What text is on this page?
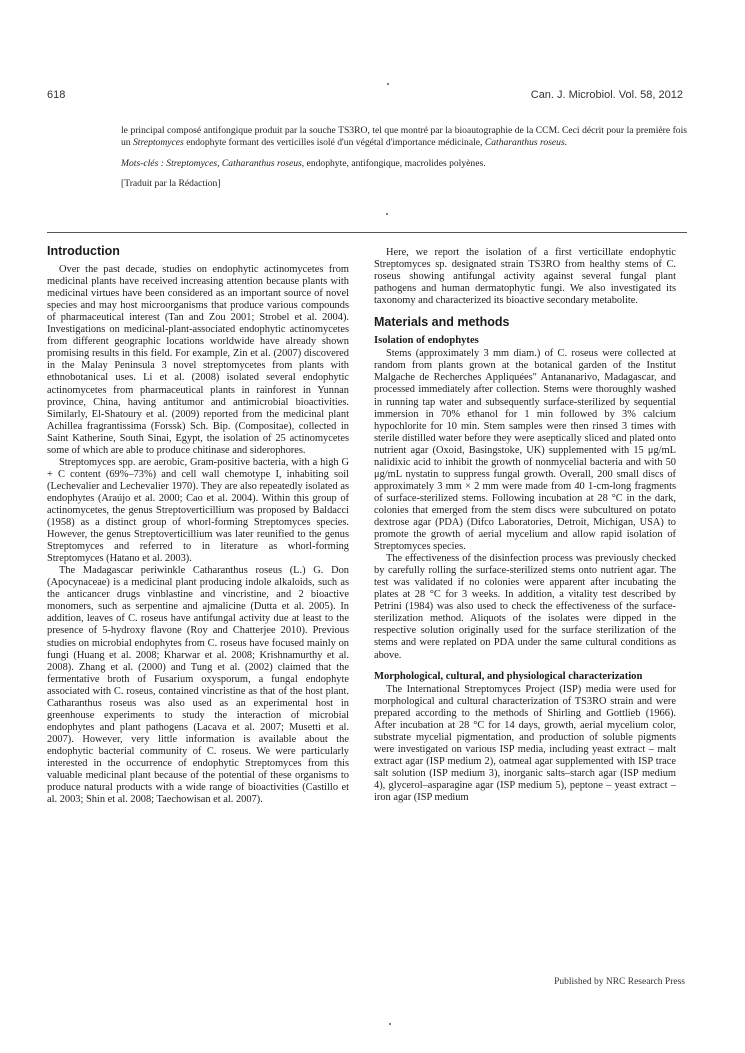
618	Can. J. Microbiol. Vol. 58, 2012

le principal composé antifongique produit par la souche TS3RO, tel que montré par la bioautographie de la CCM. Ceci décrit pour la première fois un Streptomyces endophyte formant des verticilles isolé d'un végétal d'importance médicinale, Catharanthus roseus.

Mots-clés : Streptomyces, Catharanthus roseus, endophyte, antifongique, macrolides polyènes.

[Traduit par la Rédaction]

Introduction

Over the past decade, studies on endophytic actinomycetes from medicinal plants have received increasing attention because plants with medicinal virtues have been considered as an important source of novel species and may host microorganisms that produce various compounds of pharmaceutical interest (Tan and Zou 2001; Strobel et al. 2004). Investigations on medicinal-plant-associated endophytic actinomycetes from different geographic locations worldwide have already shown promising results in this field. For example, Zin et al. (2007) discovered in the Malay Peninsula 3 novel streptomycetes from plants with ethnobotanical uses. Li et al. (2008) isolated several endophytic actinomycetes from pharmaceutical plants in rainforest in Yunnan province, China, having antitumor and antimicrobial bioactivities. Similarly, El-Shatoury et al. (2009) reported from the medicinal plant Achillea fragrantissima (Forssk) Sch. Bip. (Compositae), collected in Saint Katherine, South Sinai, Egypt, the isolation of 25 actinomycetes some of which are able to produce chitinase and siderophores.

Streptomyces spp. are aerobic, Gram-positive bacteria, with a high G + C content (69%–73%) and cell wall chemotype I, inhabiting soil (Lechevalier and Lechevalier 1970). They are also repeatedly isolated as endophytes (Araújo et al. 2000; Cao et al. 2004). Within this group of actinomycetes, the genus Streptoverticillium was proposed by Baldacci (1958) as a distinct group of whorl-forming Streptomyces species. However, the genus Streptoverticillium was later reunified to the genus Streptomyces and referred to in literature as whorl-forming Streptomyces (Hatano et al. 2003).

The Madagascar periwinkle Catharanthus roseus (L.) G. Don (Apocynaceae) is a medicinal plant producing indole alkaloids, such as the anticancer drugs vinblastine and vincristine, and 2 bioactive monomers, such as serpentine and ajmalicine (Dutta et al. 2005). In addition, leaves of C. roseus have antifungal activity due at least to the presence of 5-hydroxy flavone (Roy and Chatterjee 2010). Previous studies on microbial endophytes from C. roseus have focused mainly on fungi (Huang et al. 2008; Kharwar et al. 2008; Krishnamurthy et al. 2008). Zhang et al. (2000) and Tung et al. (2002) claimed that the fermentative broth of Fusarium oxysporum, a fungal endophyte associated with C. roseus, contained vincristine as that of the host plant. Catharanthus roseus was also used as an experimental host in greenhouse experiments to study the interaction of microbial endophytes and plant pathogens (Lacava et al. 2007; Musetti et al. 2007). However, very little information is available about the endophytic bacterial community of C. roseus. We were particularly interested in the occurrence of endophytic Streptomyces from this valuable medicinal plant because of the potential of these organisms to produce natural products with a wide range of bioactivities (Castillo et al. 2003; Shin et al. 2008; Taechowisan et al. 2007).

Here, we report the isolation of a first verticillate endophytic Streptomyces sp. designated strain TS3RO from healthy stems of C. roseus showing antifungal activity against several fungal plant pathogens and human dermatophytic fungi. We also investigated its taxonomy and characterized its bioactive secondary metabolite.

Materials and methods
Isolation of endophytes

Stems (approximately 3 mm diam.) of C. roseus were collected at random from plants grown at the botanical garden of the Institut Malgache de Recherches Appliquées" Antananarivo, Madagascar, and processed immediately after collection. Stems were thoroughly washed in running tap water and subsequently surface-sterilized by sequential immersion in 70% ethanol for 1 min followed by 3% calcium hypochlorite for 10 min. Stem samples were then rinsed 3 times with sterile distilled water before they were aseptically sliced and plated onto nutrient agar (Oxoid, Basingstoke, UK) supplemented with 15 μg/mL nalidixic acid to inhibit the growth of nonmycelial bacteria and with 50 μg/mL nystatin to suppress fungal growth. Overall, 200 small discs of approximately 3 mm × 2 mm were made from 40 1-cm-long fragments of surface-sterilized stems. Following incubation at 28 °C in the dark, colonies that emerged from the stem discs were subcultured on potato dextrose agar (PDA) (Difco Laboratories, Detroit, Michigan, USA) to promote the growth of aerial mycelium and allow rapid isolation of Streptomyces species.

The effectiveness of the disinfection process was previously checked by carefully rolling the surface-sterilized stems onto nutrient agar. The test was validated if no colonies were apparent after incubating the plates at 28 °C for 3 weeks. In addition, a vitality test described by Petrini (1984) was also used to check the effectiveness of the surface-sterilization method. Aliquots of the isolates were dipped in the respective solution originally used for the surface sterilization of the stems and were replated on PDA under the same cultural conditions as above.

Morphological, cultural, and physiological characterization

The International Streptomyces Project (ISP) media were used for morphological and cultural characterization of TS3RO strain and were prepared according to the methods of Shirling and Gottlieb (1966). After incubation at 28 °C for 14 days, growth, aerial mycelium color, substrate mycelial pigmentation, and production of soluble pigments were investigated on various ISP media, including yeast extract – malt extract agar (ISP medium 2), oatmeal agar supplemented with ISP trace salt solution (ISP medium 3), inorganic salts–starch agar (ISP medium 4), glycerol–asparagine agar (ISP medium 5), peptone – yeast extract – iron agar (ISP medium

Published by NRC Research Press
